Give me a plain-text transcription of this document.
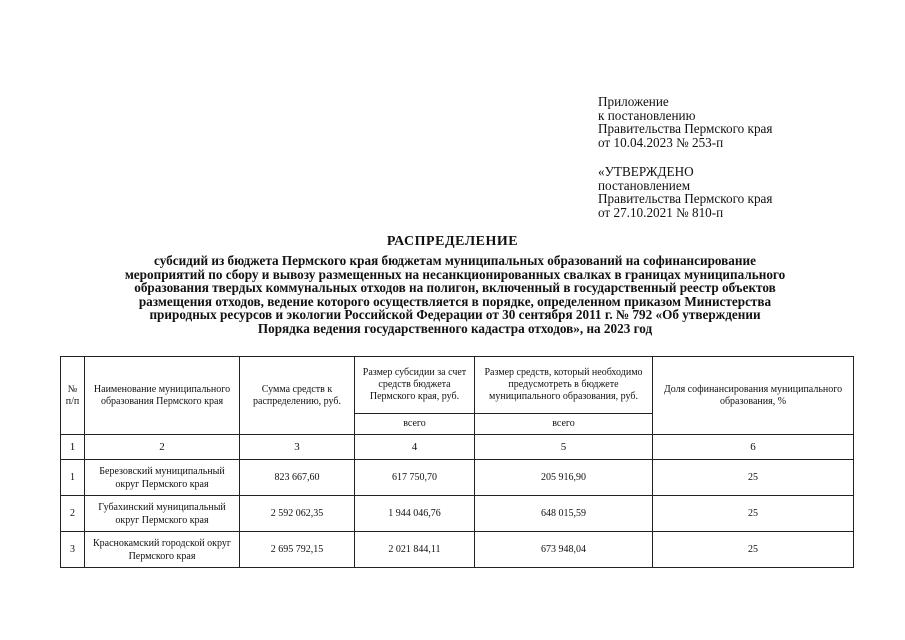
Приложение
к постановлению
Правительства Пермского края
от 10.04.2023 № 253-п
«УТВЕРЖДЕНО
постановлением
Правительства Пермского края
от 27.10.2021 № 810-п
РАСПРЕДЕЛЕНИЕ
субсидий из бюджета Пермского края бюджетам муниципальных образований на софинансирование
мероприятий по сбору и вывозу размещенных на несанкционированных свалках в границах муниципального
образования твердых коммунальных отходов на полигон, включенный в государственный реестр объектов
размещения отходов, ведение которого осуществляется в порядке, определенном приказом Министерства
природных ресурсов и экологии Российской Федерации от 30 сентября 2011 г. № 792 «Об утверждении
Порядка ведения государственного кадастра отходов», на 2023 год
№ п/п	Наименование муниципального образования Пермского края	Сумма средств к распределению, руб.	Размер субсидии за счет средств бюджета Пермского края, руб.	Размер средств, который необходимо предусмотреть в бюджете муниципального образования, руб.	Доля софинансирования муниципального образования, %
			всего	всего	
1	2	3	4	5	6
1	Березовский муниципальный округ Пермского края	823 667,60	617 750,70	205 916,90	25
2	Губахинский муниципальный округ Пермского края	2 592 062,35	1 944 046,76	648 015,59	25
3	Краснокамский городской округ Пермского края	2 695 792,15	2 021 844,11	673 948,04	25
